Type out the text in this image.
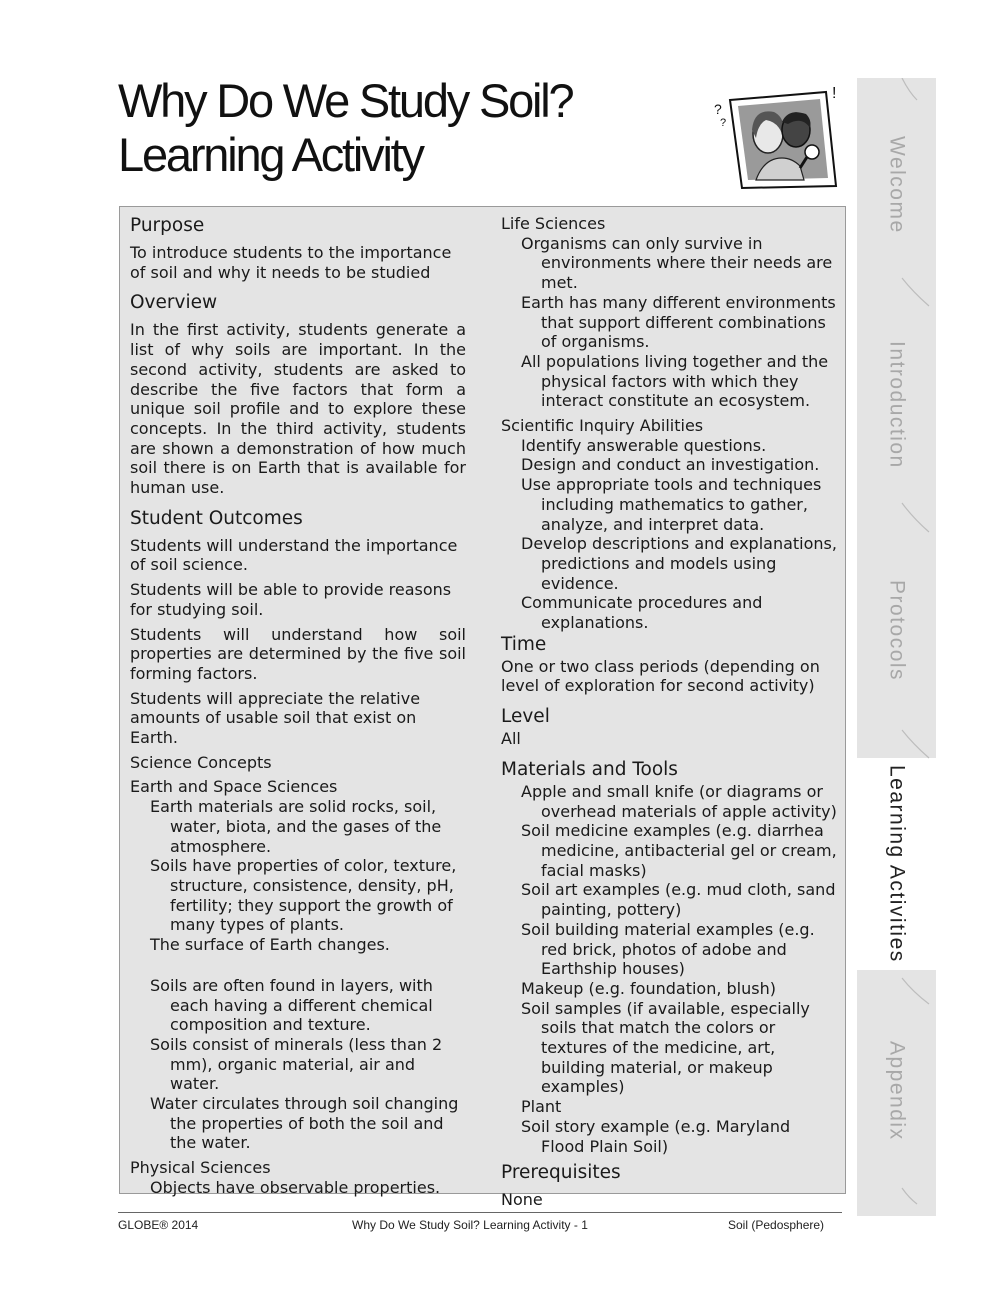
Why Do We Study Soil?
Learning Activity
?
?
!

Purpose

To introduce students to the importance of soil and why it needs to be studied

Overview

In the first activity, students generate a list of why soils are important. In the second activity, students are asked to describe the five factors that form a unique soil profile and to explore these concepts. In the third activity, students are shown a demonstration of how much soil there is on Earth that is available for human use.

Student Outcomes

Students will understand the importance of soil science.

Students will be able to provide reasons for studying soil.

Students will understand how soil properties are determined by the five soil forming factors.

Students will appreciate the relative amounts of usable soil that exist on Earth.

Science Concepts

Earth and Space Sciences

Earth materials are solid rocks, soil, water, biota, and the gases of the atmosphere.

Soils have properties of color, texture, structure, consistence, density, pH, fertility; they support the growth of many types of plants.

The surface of Earth changes.

Soils are often found in layers, with each having a different chemical composition and texture.

Soils consist of minerals (less than 2 mm), organic material, air and water.

Water circulates through soil changing the properties of both the soil and the water.

Physical Sciences

Objects have observable properties.

Life Sciences

Organisms can only survive in environments where their needs are met.

Earth has many different environments that support different combinations of organisms.

All populations living together and the physical factors with which they interact constitute an ecosystem.

Scientific Inquiry Abilities

Identify answerable questions.

Design and conduct an investigation.

Use appropriate tools and techniques including mathematics to gather, analyze, and interpret data.

Develop descriptions and explanations, predictions and models using evidence.

Communicate procedures and explanations.

Time

One or two class periods (depending on level of exploration for second activity)

Level

All

Materials and Tools

Apple and small knife (or diagrams or overhead materials of apple activity)

Soil medicine examples (e.g. diarrhea medicine, antibacterial gel or cream, facial masks)

Soil art examples (e.g. mud cloth, sand painting, pottery)

Soil building material examples (e.g. red brick, photos of adobe and Earthship houses)

Makeup (e.g. foundation, blush)

Soil samples (if available, especially soils that match the colors or textures of the medicine, art, building material, or makeup examples)

Plant

Soil story example (e.g. Maryland Flood Plain Soil)

Prerequisites

None

Welcome
Introduction
Protocols
Learning Activities
Appendix
GLOBE® 2014	Why Do We Study Soil? Learning Activity - 1	Soil (Pedosphere)
